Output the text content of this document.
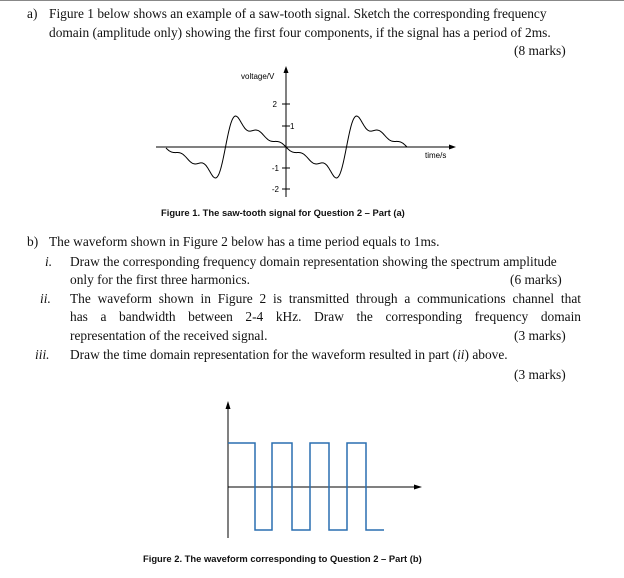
a) Figure 1 below shows an example of a saw-tooth signal. Sketch the corresponding frequency
domain (amplitude only) showing the first four components, if the signal has a period of 2ms.
(8 marks)
voltage/V
time/s
2
1
-1
-2
Figure 1. The saw-tooth signal for Question 2 – Part (a)
b) The waveform shown in Figure 2 below has a time period equals to 1ms.
i. Draw the corresponding frequency domain representation showing the spectrum amplitude
only for the first three harmonics.	(6 marks)
ii. The waveform shown in Figure 2 is transmitted through a communications channel that
has a bandwidth between 2-4 kHz. Draw the corresponding frequency domain
representation of the received signal.	(3 marks)
iii. Draw the time domain representation for the waveform resulted in part (ii) above.
(3 marks)
Figure 2. The waveform corresponding to Question 2 – Part (b)
